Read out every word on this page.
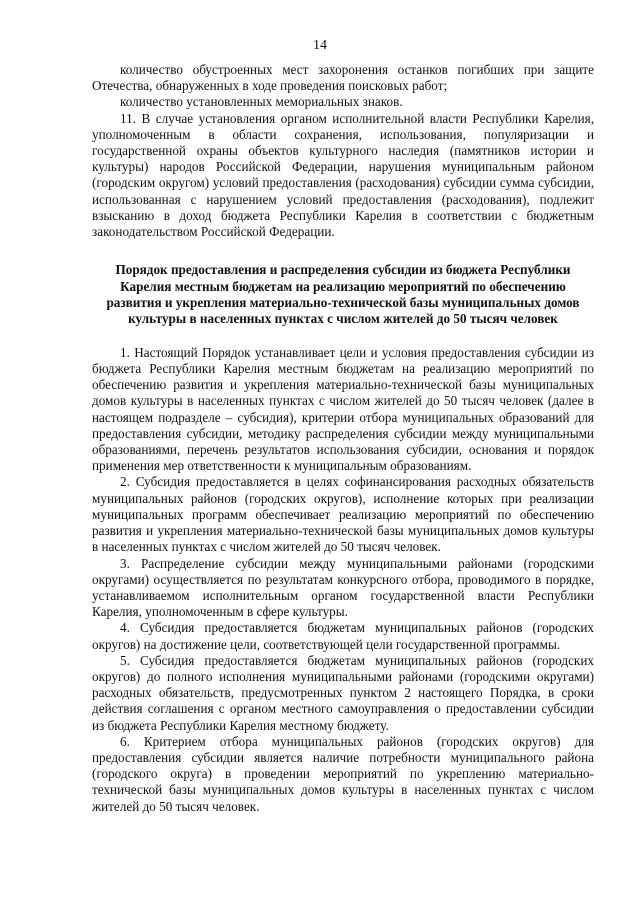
14

количество обустроенных мест захоронения останков погибших при защите Отечества, обнаруженных в ходе проведения поисковых работ;

количество установленных мемориальных знаков.

11. В случае установления органом исполнительной власти Республики Карелия, уполномоченным в области сохранения, использования, популяризации и государственной охраны объектов культурного наследия (памятников истории и культуры) народов Российской Федерации, нарушения муниципальным районом (городским округом) условий предоставления (расходования) субсидии сумма субсидии, использованная с нарушением условий предоставления (расходования), подлежит взысканию в доход бюджета Республики Карелия в соответствии с бюджетным законодательством Российской Федерации.

Порядок предоставления и распределения субсидии из бюджета Республики Карелия местным бюджетам на реализацию мероприятий по обеспечению развития и укрепления материально-технической базы муниципальных домов культуры в населенных пунктах с числом жителей до 50 тысяч человек

1. Настоящий Порядок устанавливает цели и условия предоставления субсидии из бюджета Республики Карелия местным бюджетам на реализацию мероприятий по обеспечению развития и укрепления материально-технической базы муниципальных домов культуры в населенных пунктах с числом жителей до 50 тысяч человек (далее в настоящем подразделе – субсидия), критерии отбора муниципальных образований для предоставления субсидии, методику распределения субсидии между муниципальными образованиями, перечень результатов использования субсидии, основания и порядок применения мер ответственности к муниципальным образованиям.

2. Субсидия предоставляется в целях софинансирования расходных обязательств муниципальных районов (городских округов), исполнение которых при реализации муниципальных программ обеспечивает реализацию мероприятий по обеспечению развития и укрепления материально-технической базы муниципальных домов культуры в населенных пунктах с числом жителей до 50 тысяч человек.

3. Распределение субсидии между муниципальными районами (городскими округами) осуществляется по результатам конкурсного отбора, проводимого в порядке, устанавливаемом исполнительным органом государственной власти Республики Карелия, уполномоченным в сфере культуры.

4. Субсидия предоставляется бюджетам муниципальных районов (городских округов) на достижение цели, соответствующей цели государственной программы.

5. Субсидия предоставляется бюджетам муниципальных районов (городских округов) до полного исполнения муниципальными районами (городскими округами) расходных обязательств, предусмотренных пунктом 2 настоящего Порядка, в сроки действия соглашения с органом местного самоуправления о предоставлении субсидии из бюджета Республики Карелия местному бюджету.

6. Критерием отбора муниципальных районов (городских округов) для предоставления субсидии является наличие потребности муниципального района (городского округа) в проведении мероприятий по укреплению материально-технической базы муниципальных домов культуры в населенных пунктах с числом жителей до 50 тысяч человек.
